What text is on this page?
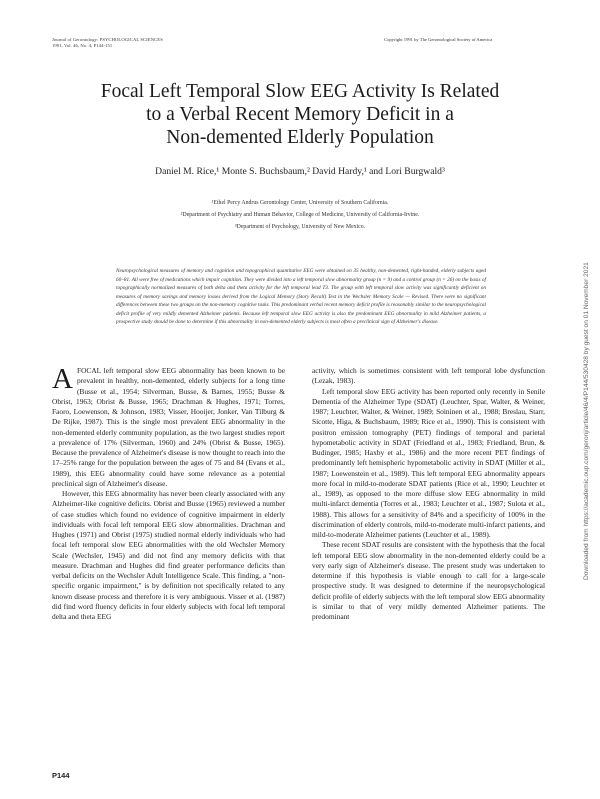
Journal of Gerontology: PSYCHOLOGICAL SCIENCES
1991, Vol. 46, No. 4, P144-151
Copyright 1991 by The Gerontological Society of America
Focal Left Temporal Slow EEG Activity Is Related
to a Verbal Recent Memory Deficit in a
Non-demented Elderly Population
Daniel M. Rice,¹ Monte S. Buchsbaum,² David Hardy,¹ and Lori Burgwald³
¹Ethel Percy Andrus Gerontology Center, University of Southern California.
²Department of Psychiatry and Human Behavior, College of Medicine, University of California-Irvine.
³Department of Psychology, University of New Mexico.
Neuropsychological measures of memory and cognition and topographical quantitative EEG were obtained on 35 healthy, non-demented, right-handed, elderly subjects aged 60–81. All were free of medications which impair cognition. They were divided into a left temporal slow abnormality group (n = 9) and a control group (n = 26) on the basis of topographically normalized measures of both delta and theta activity for the left temporal lead T3. The group with left temporal slow activity was significantly deficient on measures of memory savings and memory losses derived from the Logical Memory (Story Recall) Test in the Wechsler Memory Scale — Revised. There were no significant differences between these two groups on the non-memory cognitive tasks. This predominant verbal recent memory deficit profile is reasonably similar to the neuropsychological deficit profile of very mildly demented Alzheimer patients. Because left temporal slow EEG activity is also the predominant EEG abnormality in mild Alzheimer patients, a prospective study should be done to determine if this abnormality in non-demented elderly subjects is most often a preclinical sign of Alzheimer's disease.

AFOCAL left temporal slow EEG abnormality has been known to be prevalent in healthy, non-demented, elderly subjects for a long time (Busse et al., 1954; Silverman, Busse, & Barnes, 1955; Busse & Obrist, 1963; Obrist & Busse, 1965; Drachman & Hughes, 1971; Torres, Faoro, Loewenson, & Johnson, 1983; Visser, Hooijer, Jonker, Van Tilburg & De Rijke, 1987). This is the single most prevalent EEG abnormality in the non-demented elderly community population, as the two largest studies report a prevalence of 17% (Silverman, 1960) and 24% (Obrist & Busse, 1965). Because the prevalence of Alzheimer's disease is now thought to reach into the 17–25% range for the population between the ages of 75 and 84 (Evans et al., 1989), this EEG abnormality could have some relevance as a potential preclinical sign of Alzheimer's disease.

However, this EEG abnormality has never been clearly associated with any Alzheimer-like cognitive deficits. Obrist and Busse (1965) reviewed a number of case studies which found no evidence of cognitive impairment in elderly individuals with focal left temporal EEG slow abnormalities. Drachman and Hughes (1971) and Obrist (1975) studied normal elderly individuals who had focal left temporal slow EEG abnormalities with the old Wechsler Memory Scale (Wechsler, 1945) and did not find any memory deficits with that measure. Drachman and Hughes did find greater performance deficits than verbal deficits on the Wechsler Adult Intelligence Scale. This finding, a "non-specific organic impairment," is by definition not specifically related to any known disease process and therefore it is very ambiguous. Visser et al. (1987) did find word fluency deficits in four elderly subjects with focal left temporal delta and theta EEG

activity, which is sometimes consistent with left temporal lobe dysfunction (Lezak, 1983).

Left temporal slow EEG activity has been reported only recently in Senile Dementia of the Alzheimer Type (SDAT) (Leuchter, Spar, Walter, & Weiner, 1987; Leuchter, Walter, & Weiner, 1989; Soininen et al., 1988; Breslau, Starr, Sicotte, Higa, & Buchsbaum, 1989; Rice et al., 1990). This is consistent with positron emission tomography (PET) findings of temporal and parietal hypometabolic activity in SDAT (Friedland et al., 1983; Friedland, Brun, & Budinger, 1985; Haxby et al., 1986) and the more recent PET findings of predominantly left hemispheric hypometabolic activity in SDAT (Miller et al., 1987; Loewenstein et al., 1989). This left temporal EEG abnormality appears more focal in mild-to-moderate SDAT patients (Rice et al., 1990; Leuchter et al., 1989), as opposed to the more diffuse slow EEG abnormality in mild multi-infarct dementia (Torres et al., 1983; Leuchter et al., 1987; Sulota et al., 1988). This allows for a sensitivity of 84% and a specificity of 100% in the discrimination of elderly controls, mild-to-moderate multi-infarct patients, and mild-to-moderate Alzheimer patients (Leuchter et al., 1989).

These recent SDAT results are consistent with the hypothesis that the focal left temporal EEG slow abnormality in the non-demented elderly could be a very early sign of Alzheimer's disease. The present study was undertaken to determine if this hypothesis is viable enough to call for a large-scale prospective study. It was designed to determine if the neuropsychological deficit profile of elderly subjects with the left temporal slow EEG abnormality is similar to that of very mildly demented Alzheimer patients. The predominant

P144
Downloaded from https://academic.oup.com/geronj/article/46/4/P144/530428 by guest on 01 November 2021
